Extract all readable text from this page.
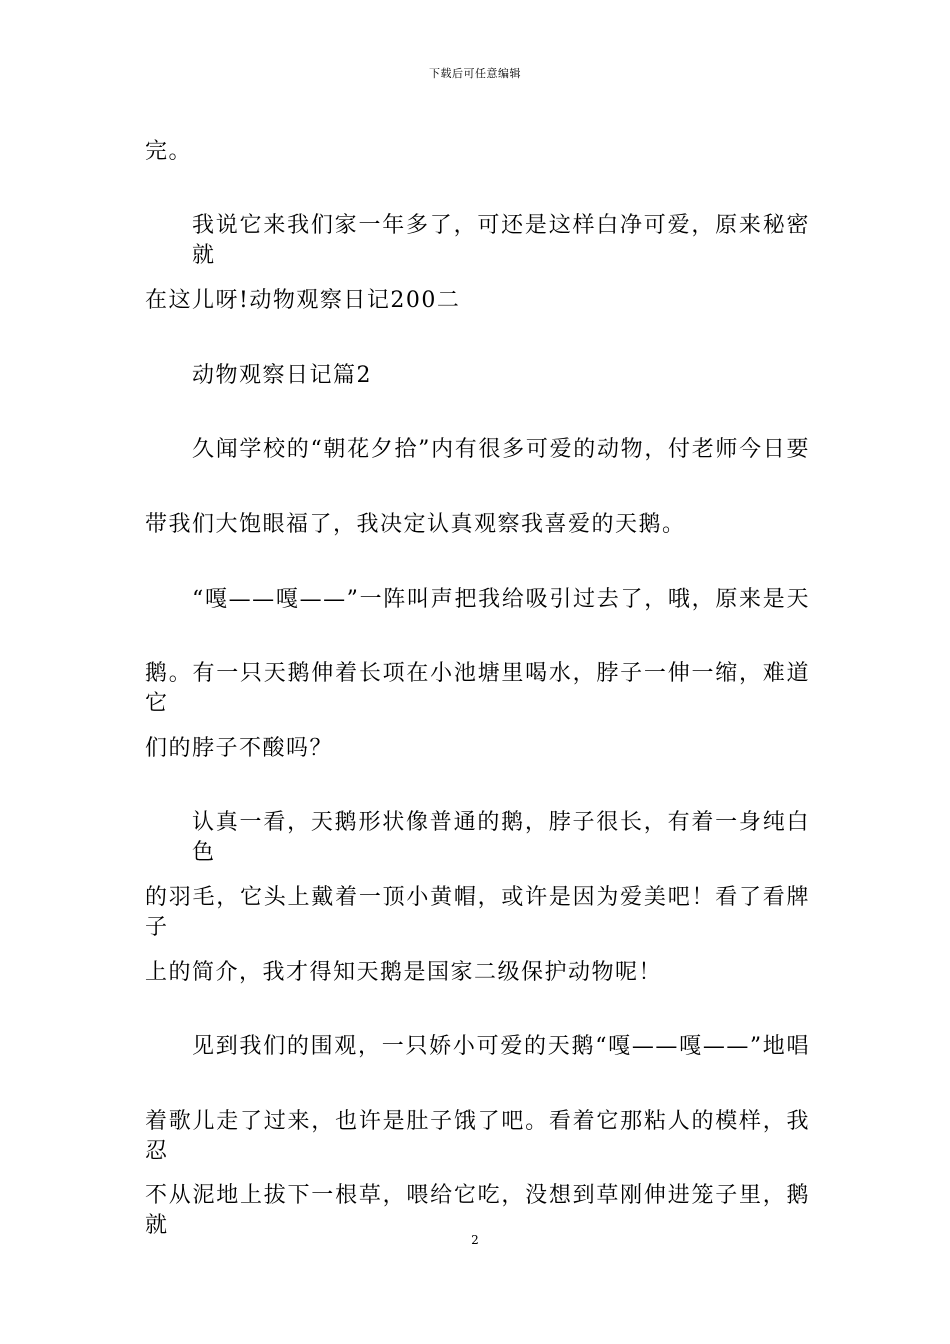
下载后可任意编辑
完。
我说它来我们家一年多了，可还是这样白净可爱，原来秘密就
在这儿呀!动物观察日记200二
动物观察日记篇2
久闻学校的“朝花夕拾”内有很多可爱的动物，付老师今日要
带我们大饱眼福了，我决定认真观察我喜爱的天鹅。
“嘎——嘎——”一阵叫声把我给吸引过去了，哦，原来是天
鹅。有一只天鹅伸着长项在小池塘里喝水，脖子一伸一缩，难道它
们的脖子不酸吗？
认真一看，天鹅形状像普通的鹅，脖子很长，有着一身纯白色
的羽毛，它头上戴着一顶小黄帽，或许是因为爱美吧！看了看牌子
上的简介，我才得知天鹅是国家二级保护动物呢！
见到我们的围观，一只娇小可爱的天鹅“嘎——嘎——”地唱
着歌儿走了过来，也许是肚子饿了吧。看着它那粘人的模样，我忍
不从泥地上拔下一根草，喂给它吃，没想到草刚伸进笼子里，鹅就
2
